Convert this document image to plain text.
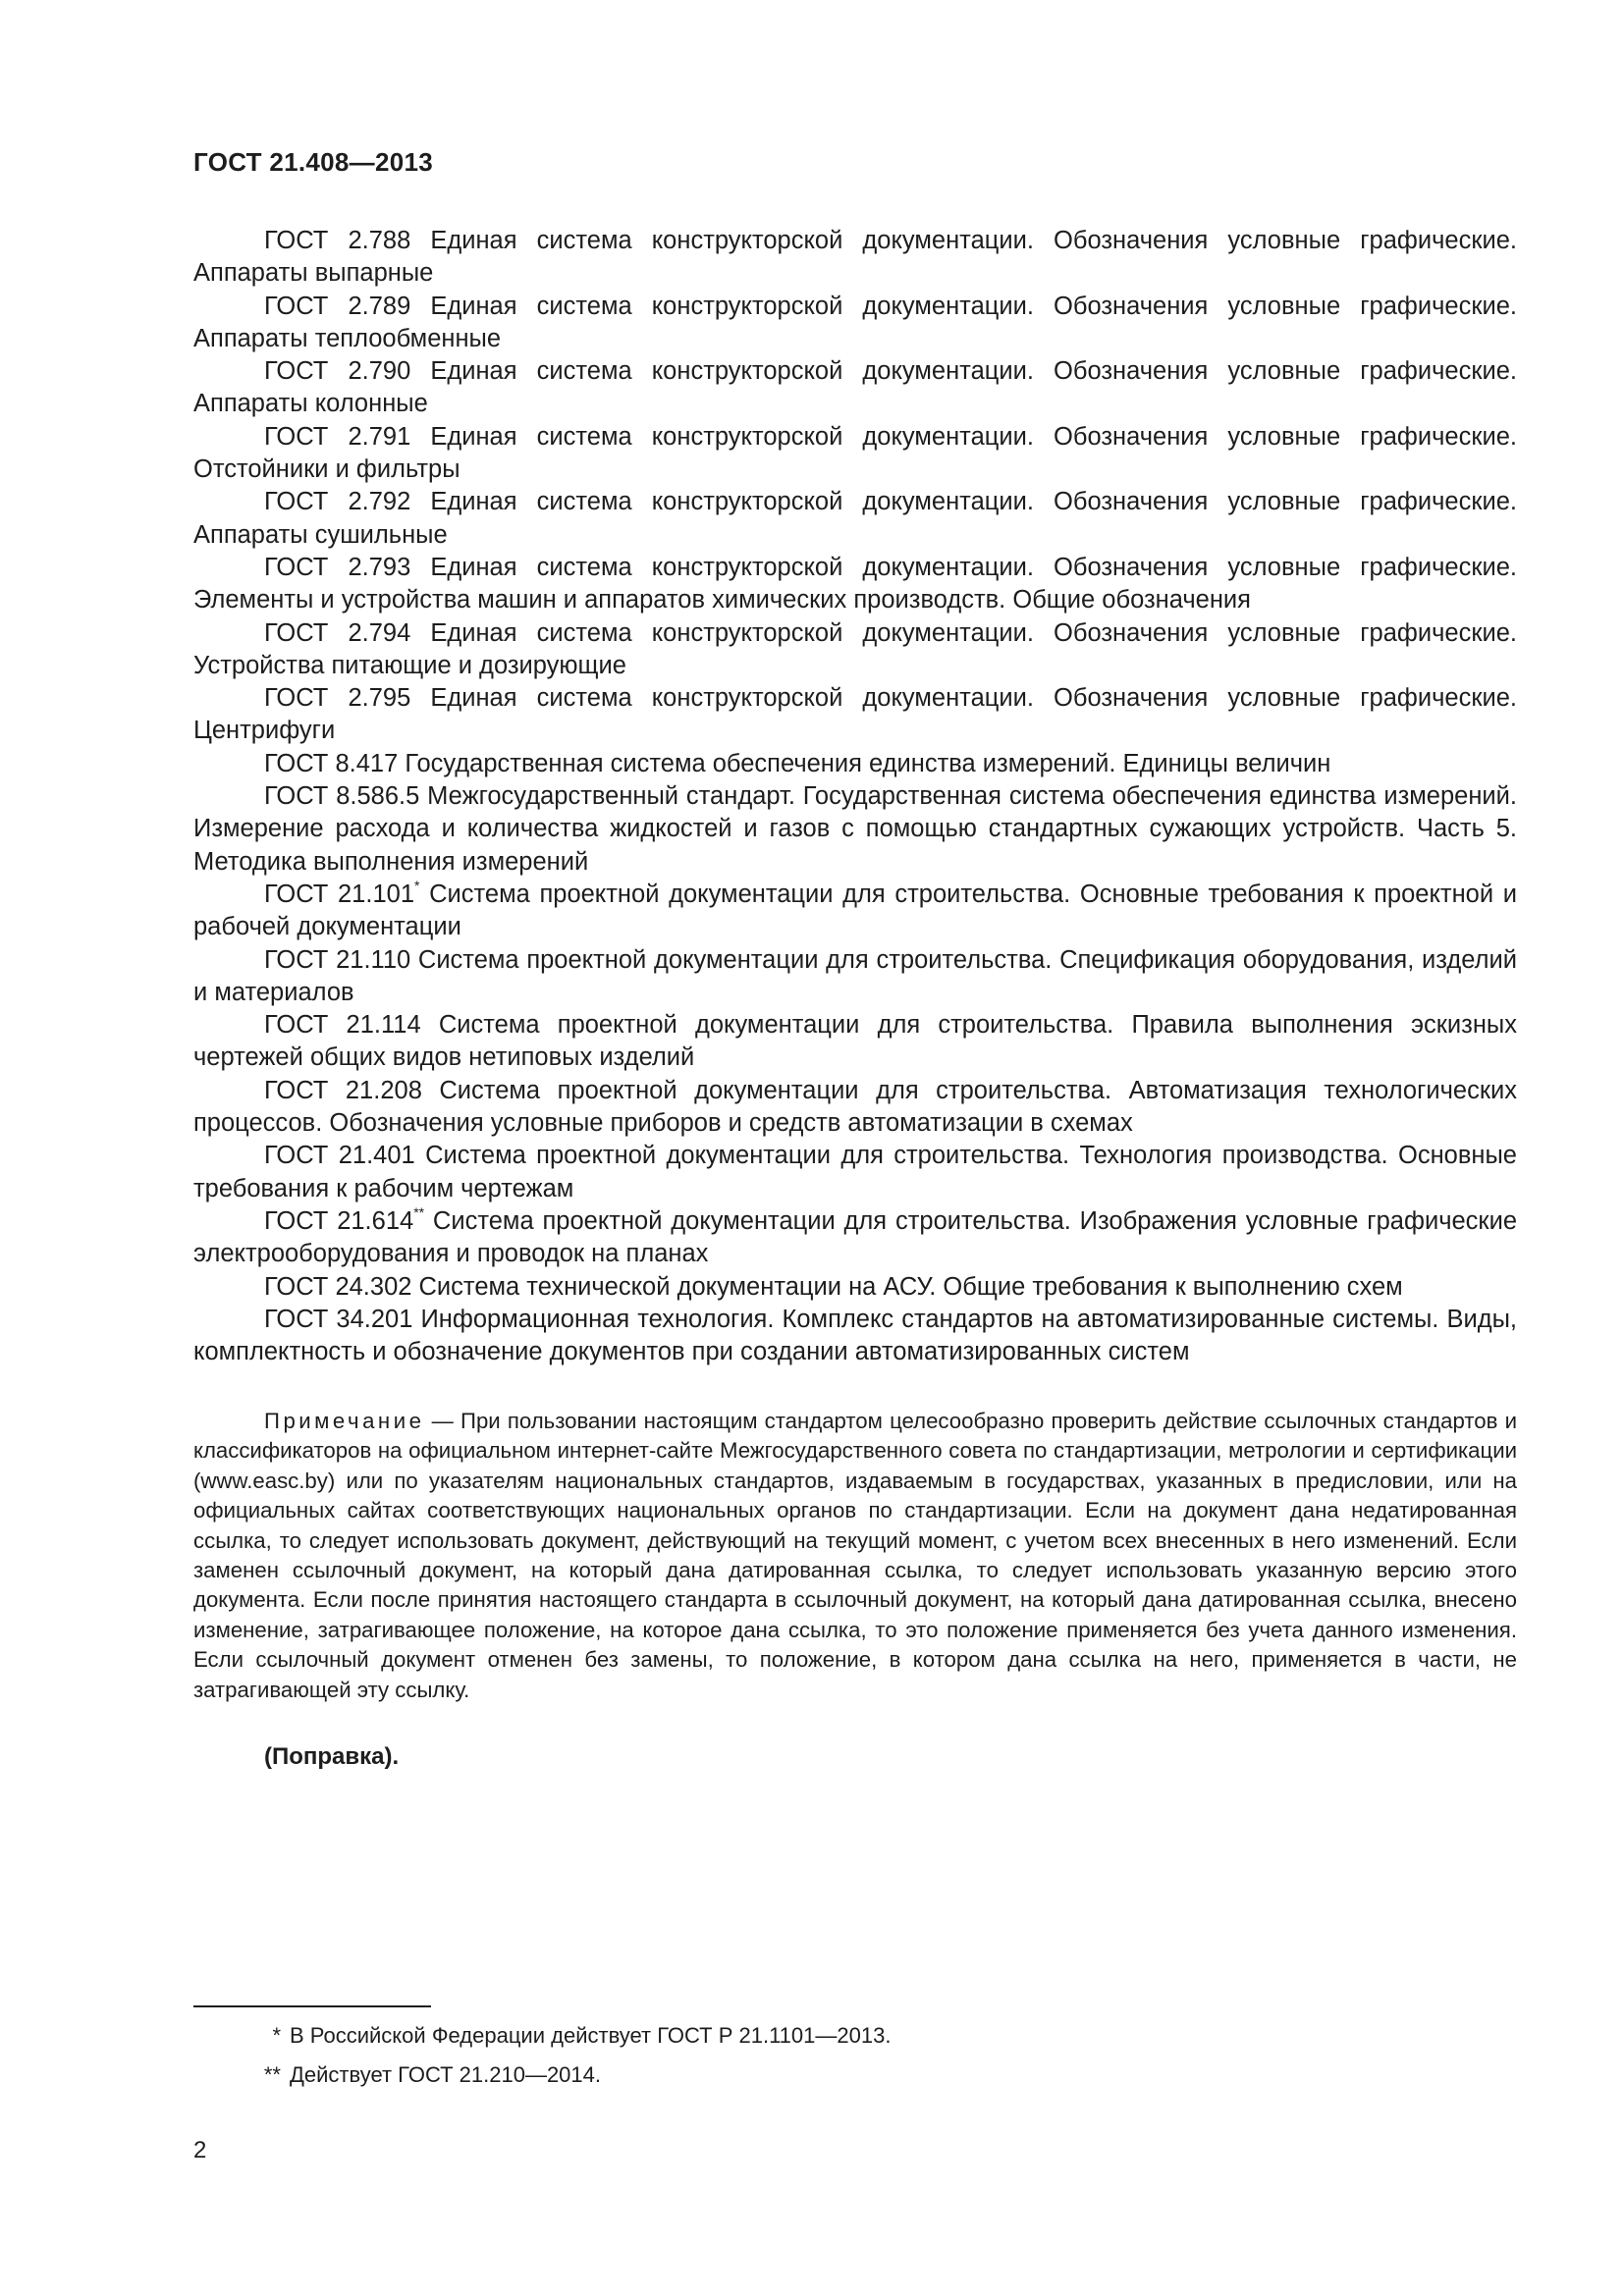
ГОСТ 21.408—2013

ГОСТ 2.788 Единая система конструкторской документации. Обозначения условные графические. Аппараты выпарные

ГОСТ 2.789 Единая система конструкторской документации. Обозначения условные графические. Аппараты теплообменные

ГОСТ 2.790 Единая система конструкторской документации. Обозначения условные графические. Аппараты колонные

ГОСТ 2.791 Единая система конструкторской документации. Обозначения условные графические. Отстойники и фильтры

ГОСТ 2.792 Единая система конструкторской документации. Обозначения условные графические. Аппараты сушильные

ГОСТ 2.793 Единая система конструкторской документации. Обозначения условные графические. Элементы и устройства машин и аппаратов химических производств. Общие обозначения

ГОСТ 2.794 Единая система конструкторской документации. Обозначения условные графические. Устройства питающие и дозирующие

ГОСТ 2.795 Единая система конструкторской документации. Обозначения условные графические. Центрифуги

ГОСТ 8.417 Государственная система обеспечения единства измерений. Единицы величин

ГОСТ 8.586.5 Межгосударственный стандарт. Государственная система обеспечения единства измерений. Измерение расхода и количества жидкостей и газов с помощью стандартных сужающих устройств. Часть 5. Методика выполнения измерений

ГОСТ 21.101* Система проектной документации для строительства. Основные требования к проектной и рабочей документации

ГОСТ 21.110 Система проектной документации для строительства. Спецификация оборудования, изделий и материалов

ГОСТ 21.114 Система проектной документации для строительства. Правила выполнения эскизных чертежей общих видов нетиповых изделий

ГОСТ 21.208 Система проектной документации для строительства. Автоматизация технологических процессов. Обозначения условные приборов и средств автоматизации в схемах

ГОСТ 21.401 Система проектной документации для строительства. Технология производства. Основные требования к рабочим чертежам

ГОСТ 21.614** Система проектной документации для строительства. Изображения условные графические электрооборудования и проводок на планах

ГОСТ 24.302 Система технической документации на АСУ. Общие требования к выполнению схем

ГОСТ 34.201 Информационная технология. Комплекс стандартов на автоматизированные системы. Виды, комплектность и обозначение документов при создании автоматизированных систем

Примечание — При пользовании настоящим стандартом целесообразно проверить действие ссылочных стандартов и классификаторов на официальном интернет-сайте Межгосударственного совета по стандартизации, метрологии и сертификации (www.easc.by) или по указателям национальных стандартов, издаваемым в государствах, указанных в предисловии, или на официальных сайтах соответствующих национальных органов по стандартизации. Если на документ дана недатированная ссылка, то следует использовать документ, действующий на текущий момент, с учетом всех внесенных в него изменений. Если заменен ссылочный документ, на который дана датированная ссылка, то следует использовать указанную версию этого документа. Если после принятия настоящего стандарта в ссылочный документ, на который дана датированная ссылка, внесено изменение, затрагивающее положение, на которое дана ссылка, то это положение применяется без учета данного изменения. Если ссылочный документ отменен без замены, то положение, в котором дана ссылка на него, применяется в части, не затрагивающей эту ссылку.

(Поправка).
* В Российской Федерации действует ГОСТ Р 21.1101—2013.
** Действует ГОСТ 21.210—2014.
2
